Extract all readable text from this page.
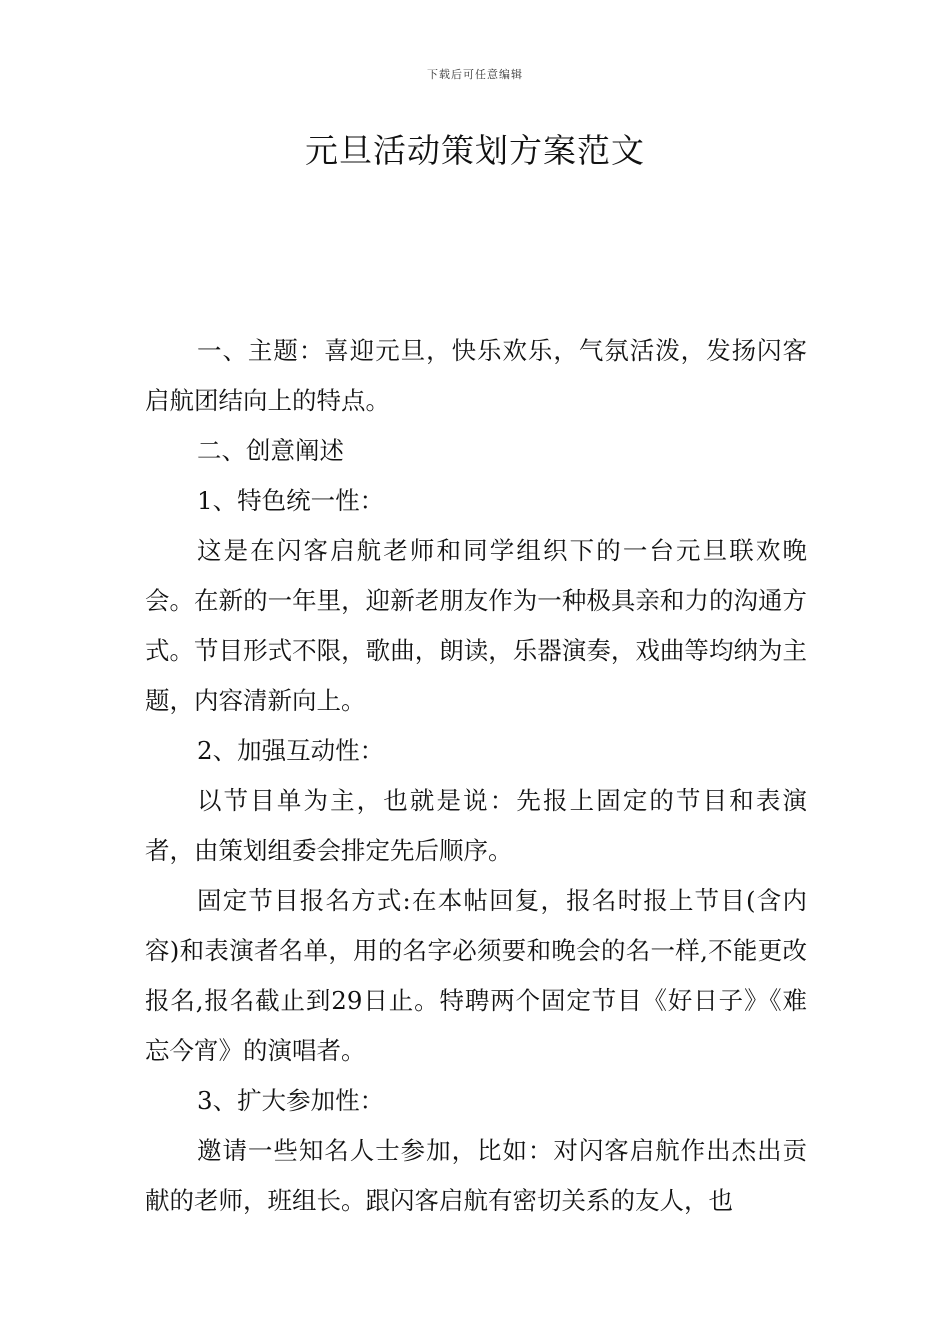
下载后可任意编辑
元旦活动策划方案范文

一、主题：喜迎元旦，快乐欢乐，气氛活泼，发扬闪客启航团结向上的特点。

二、创意阐述

1、特色统一性：

这是在闪客启航老师和同学组织下的一台元旦联欢晚会。在新的一年里，迎新老朋友作为一种极具亲和力的沟通方式。节目形式不限，歌曲，朗读，乐器演奏，戏曲等均纳为主题，内容清新向上。

2、加强互动性：

以节目单为主，也就是说：先报上固定的节目和表演者，由策划组委会排定先后顺序。

固定节目报名方式:在本帖回复，报名时报上节目(含内容)和表演者名单，用的名字必须要和晚会的名一样,不能更改报名,报名截止到29日止。特聘两个固定节目《好日子》《难忘今宵》的演唱者。

3、扩大参加性：

邀请一些知名人士参加，比如：对闪客启航作出杰出贡献的老师，班组长。跟闪客启航有密切关系的友人，也
